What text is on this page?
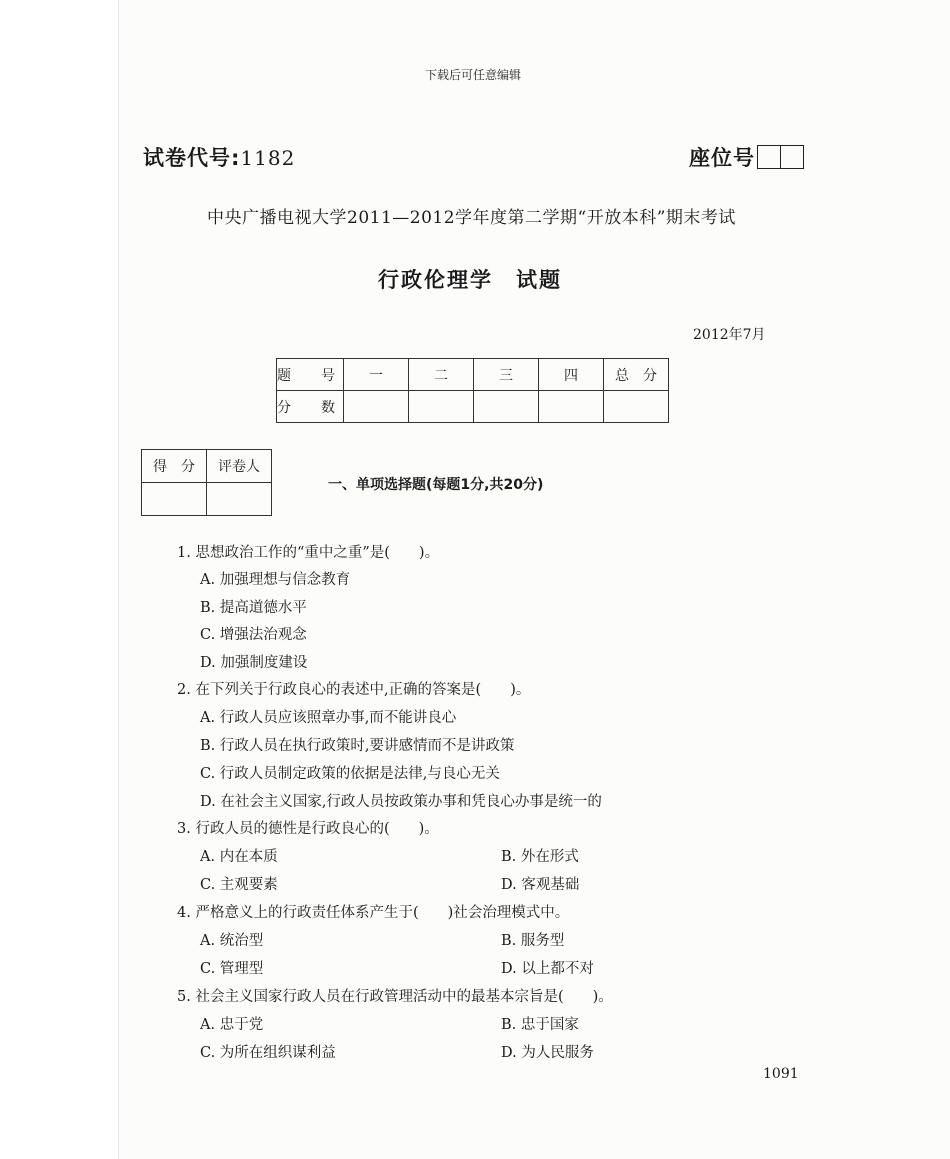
下载后可任意编辑
试卷代号:1182	座位号
中央广播电视大学2011—2012学年度第二学期“开放本科”期末考试
行政伦理学　试题
2012年7月
题　号	一	二	三	四	总　分
分　数					
得　分	评卷人

一、单项选择题(每题1分,共20分)
1. 思想政治工作的“重中之重”是(　　)。
A. 加强理想与信念教育
B. 提高道德水平
C. 增强法治观念
D. 加强制度建设
2. 在下列关于行政良心的表述中,正确的答案是(　　)。
A. 行政人员应该照章办事,而不能讲良心
B. 行政人员在执行政策时,要讲感情而不是讲政策
C. 行政人员制定政策的依据是法律,与良心无关
D. 在社会主义国家,行政人员按政策办事和凭良心办事是统一的
3. 行政人员的德性是行政良心的(　　)。
A. 内在本质	B. 外在形式
C. 主观要素	D. 客观基础
4. 严格意义上的行政责任体系产生于(　　)社会治理模式中。
A. 统治型	B. 服务型
C. 管理型	D. 以上都不对
5. 社会主义国家行政人员在行政管理活动中的最基本宗旨是(　　)。
A. 忠于党	B. 忠于国家
C. 为所在组织谋利益	D. 为人民服务
1091
